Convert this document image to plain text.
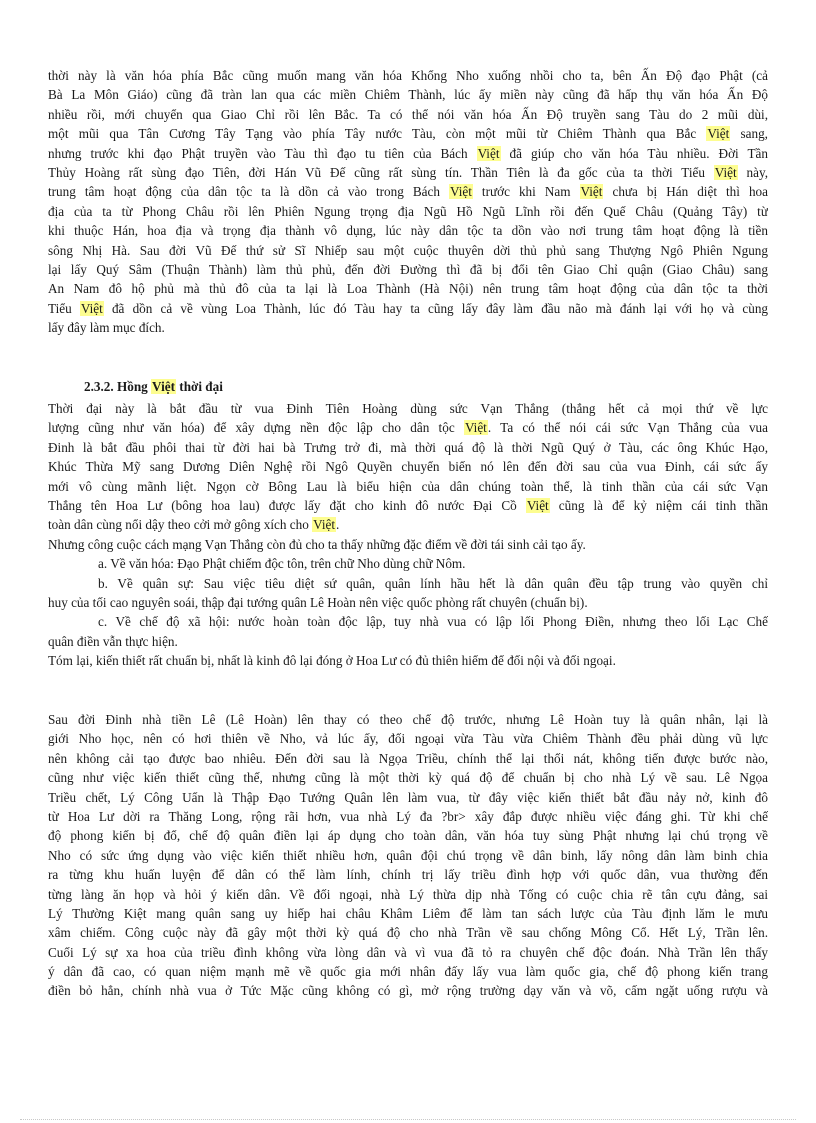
thời này là văn hóa phía Bắc cũng muốn mang văn hóa Khổng Nho xuống nhồi cho ta, bên Ấn Độ đạo Phật (cả
Bà La Môn Giáo) cũng đã tràn lan qua các miền Chiêm Thành, lúc ấy miền này cũng đã hấp thụ văn hóa Ấn Độ
nhiều rồi, mới chuyển qua Giao Chỉ rồi lên Bắc. Ta có thể nói văn hóa Ấn Độ truyền sang Tàu do 2 mũi dùi,
một mũi qua Tân Cương Tây Tạng vào phía Tây nước Tàu, còn một mũi từ Chiêm Thành qua Bắc Việt sang,
nhưng trước khi đạo Phật truyền vào Tàu thì đạo tu tiên của Bách Việt đã giúp cho văn hóa Tàu nhiều. Đời Tần
Thủy Hoàng rất sùng đạo Tiên, đời Hán Vũ Đế cũng rất sùng tín. Thần Tiên là đa gốc của ta thời Tiểu Việt này,
trung tâm hoạt động của dân tộc ta là dồn cả vào trong Bách Việt trước khi Nam Việt chưa bị Hán diệt thì hoa
địa của ta từ Phong Châu rồi lên Phiên Ngung trọng địa Ngũ Hồ Ngũ Lĩnh rồi đến Quế Châu (Quảng Tây) từ
khi thuộc Hán, hoa địa và trọng địa thành vô dụng, lúc này dân tộc ta dồn vào nơi trung tâm hoạt động là tiền
sông Nhị Hà. Sau đời Vũ Đế thứ sử Sĩ Nhiếp sau một cuộc thuyên dời thủ phủ sang Thượng Ngô Phiên Ngung
lại lấy Quý Sâm (Thuận Thành) làm thủ phủ, đến đời Đường thì đã bị đổi tên Giao Chỉ quận (Giao Châu) sang
An Nam đô hộ phủ mà thủ đô của ta lại là Loa Thành (Hà Nội) nên trung tâm hoạt động của dân tộc ta thời
Tiểu Việt đã dồn cả về vùng Loa Thành, lúc đó Tàu hay ta cũng lấy đây làm đầu não mà đánh lại với họ và cùng
lấy đây làm mục đích.
2.3.2. Hồng Việt thời đại
Thời đại này là bắt đầu từ vua Đinh Tiên Hoàng dùng sức Vạn Thắng (thắng hết cả mọi thứ về lực
lượng cũng như văn hóa) để xây dựng nền độc lập cho dân tộc Việt. Ta có thể nói cái sức Vạn Thắng của vua
Đinh là bắt đầu phôi thai từ đời hai bà Trưng trở đi, mà thời quá độ là thời Ngũ Quý ở Tàu, các ông Khúc Hạo,
Khúc Thừa Mỹ sang Dương Diên Nghệ rồi Ngô Quyền chuyển biến nó lên đến đời sau của vua Đinh, cái sức ấy
mới vô cùng mãnh liệt. Ngọn cờ Bông Lau là biểu hiện của dân chúng toàn thể, là tinh thần của cái sức Vạn
Thắng tên Hoa Lư (bông hoa lau) được lấy đặt cho kinh đô nước Đại Cồ Việt cũng là để kỷ niệm cái tinh thần
toàn dân cùng nổi dậy theo cởi mở gông xích cho Việt.
Nhưng công cuộc cách mạng Vạn Thắng còn đủ cho ta thấy những đặc điểm về đời tái sinh cải tạo ấy.
a. Về văn hóa: Đạo Phật chiếm độc tôn, trên chữ Nho dùng chữ Nôm.
b. Về quân sự: Sau việc tiêu diệt sứ quân, quân lính hầu hết là dân quân đều tập trung vào quyền chỉ
huy của tối cao nguyên soái, thập đại tướng quân Lê Hoàn nên việc quốc phòng rất chuyên (chuẩn bị).
c. Về chế độ xã hội: nước hoàn toàn độc lập, tuy nhà vua có lập lối Phong Điền, nhưng theo lối Lạc Chế
quân điền vẫn thực hiện.
Tóm lại, kiến thiết rất chuẩn bị, nhất là kinh đô lại đóng ở Hoa Lư có đủ thiên hiểm để đối nội và đối ngoại.
Sau đời Đinh nhà tiền Lê (Lê Hoàn) lên thay có theo chế độ trước, nhưng Lê Hoàn tuy là quân nhân, lại là
giới Nho học, nên có hơi thiên về Nho, vả lúc ấy, đối ngoại vừa Tàu vừa Chiêm Thành đều phải dùng vũ lực
nên không cải tạo được bao nhiêu. Đến đời sau là Ngọa Triều, chính thể lại thối nát, không tiến được bước nào,
cũng như việc kiến thiết cũng thế, nhưng cũng là một thời kỳ quá độ để chuẩn bị cho nhà Lý về sau. Lê Ngọa
Triều chết, Lý Công Uẩn là Thập Đạo Tướng Quân lên làm vua, từ đây việc kiến thiết bắt đầu nảy nở, kinh đô
từ Hoa Lư dời ra Thăng Long, rộng rãi hơn, vua nhà Lý đa ?br> xây đắp được nhiều việc đáng ghi. Từ khi chế
độ phong kiến bị đổ, chế độ quân điền lại áp dụng cho toàn dân, văn hóa tuy sùng Phật nhưng lại chú trọng về
Nho có sức ứng dụng vào việc kiến thiết nhiều hơn, quân đội chú trọng về dân binh, lấy nông dân làm binh chia
ra từng khu huấn luyện để dân có thể làm lính, chính trị lấy triều đình hợp với quốc dân, vua thường đến
từng làng ăn họp và hỏi ý kiến dân. Về đối ngoại, nhà Lý thừa dịp nhà Tống có cuộc chia rẽ tân cựu đảng, sai
Lý Thường Kiệt mang quân sang uy hiếp hai châu Khâm Liêm để làm tan sách lược của Tàu định lăm le mưu
xâm chiếm. Công cuộc này đã gây một thời kỳ quá độ cho nhà Trần về sau chống Mông Cổ. Hết Lý, Trần lên.
Cuối Lý sự xa hoa của triều đình không vừa lòng dân và vì vua đã tỏ ra chuyên chế độc đoán. Nhà Trần lên thấy
ý dân đã cao, có quan niệm mạnh mẽ về quốc gia mới nhân đấy lấy vua làm quốc gia, chế độ phong kiến trang
điền bỏ hẳn, chính nhà vua ở Tức Mặc cũng không có gì, mở rộng trường dạy văn và võ, cấm ngặt uống rượu và
